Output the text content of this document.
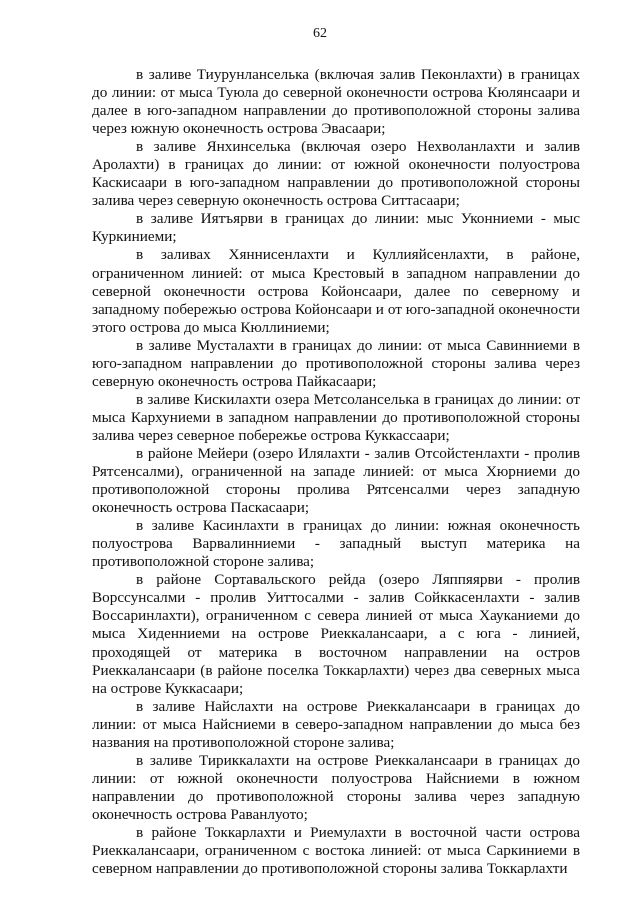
62

в заливе Тиурунланселька (включая залив Пеконлахти) в границах до линии: от мыса Туюла до северной оконечности острова Кюлянсаари и далее в юго-западном направлении до противоположной стороны залива через южную оконечность острова Эвасаари;

в заливе Янхинселька (включая озеро Нехволанлахти и залив Аролахти) в границах до линии: от южной оконечности полуострова Каскисаари в юго-западном направлении до противоположной стороны залива через северную оконечность острова Ситтасаари;

в заливе Иятъярви в границах до линии: мыс Уконниеми - мыс Куркиниеми;

в заливах Хяннисенлахти и Куллияйсенлахти, в районе, ограниченном линией: от мыса Крестовый в западном направлении до северной оконечности острова Койонсаари, далее по северному и западному побережью острова Койонсаари и от юго-западной оконечности этого острова до мыса Кюллиниеми;

в заливе Мусталахти в границах до линии: от мыса Савинниеми в юго-западном направлении до противоположной стороны залива через северную оконечность острова Пайкасаари;

в заливе Кискилахти озера Метсоланселька в границах до линии: от мыса Кархуниеми в западном направлении до противоположной стороны залива через северное побережье острова Куккассаари;

в районе Мейери (озеро Илялахти - залив Отсойстенлахти - пролив Рятсенсалми), ограниченной на западе линией: от мыса Хюрниеми до противоположной стороны пролива Рятсенсалми через западную оконечность острова Паскасаари;

в заливе Касинлахти в границах до линии: южная оконечность полуострова Варвалинниеми - западный выступ материка на противоположной стороне залива;

в районе Сортавальского рейда (озеро Ляппяярви - пролив Ворссунсалми - пролив Уиттосалми - залив Сойккасенлахти - залив Воссаринлахти), ограниченном с севера линией от мыса Хауканиеми до мыса Хиденниеми на острове Риеккалансаари, а с юга - линией, проходящей от материка в восточном направлении на остров Риеккалансаари (в районе поселка Токкарлахти) через два северных мыса на острове Куккасаари;

в заливе Найслахти на острове Риеккалансаари в границах до линии: от мыса Найсниеми в северо-западном направлении до мыса без названия на противоположной стороне залива;

в заливе Тириккалахти на острове Риеккалансаари в границах до линии: от южной оконечности полуострова Найсниеми в южном направлении до противоположной стороны залива через западную оконечность острова Раванлуото;

в районе Токкарлахти и Риемулахти в восточной части острова Риеккалансаари, ограниченном с востока линией: от мыса Саркиниеми в северном направлении до противоположной стороны залива Токкарлахти
